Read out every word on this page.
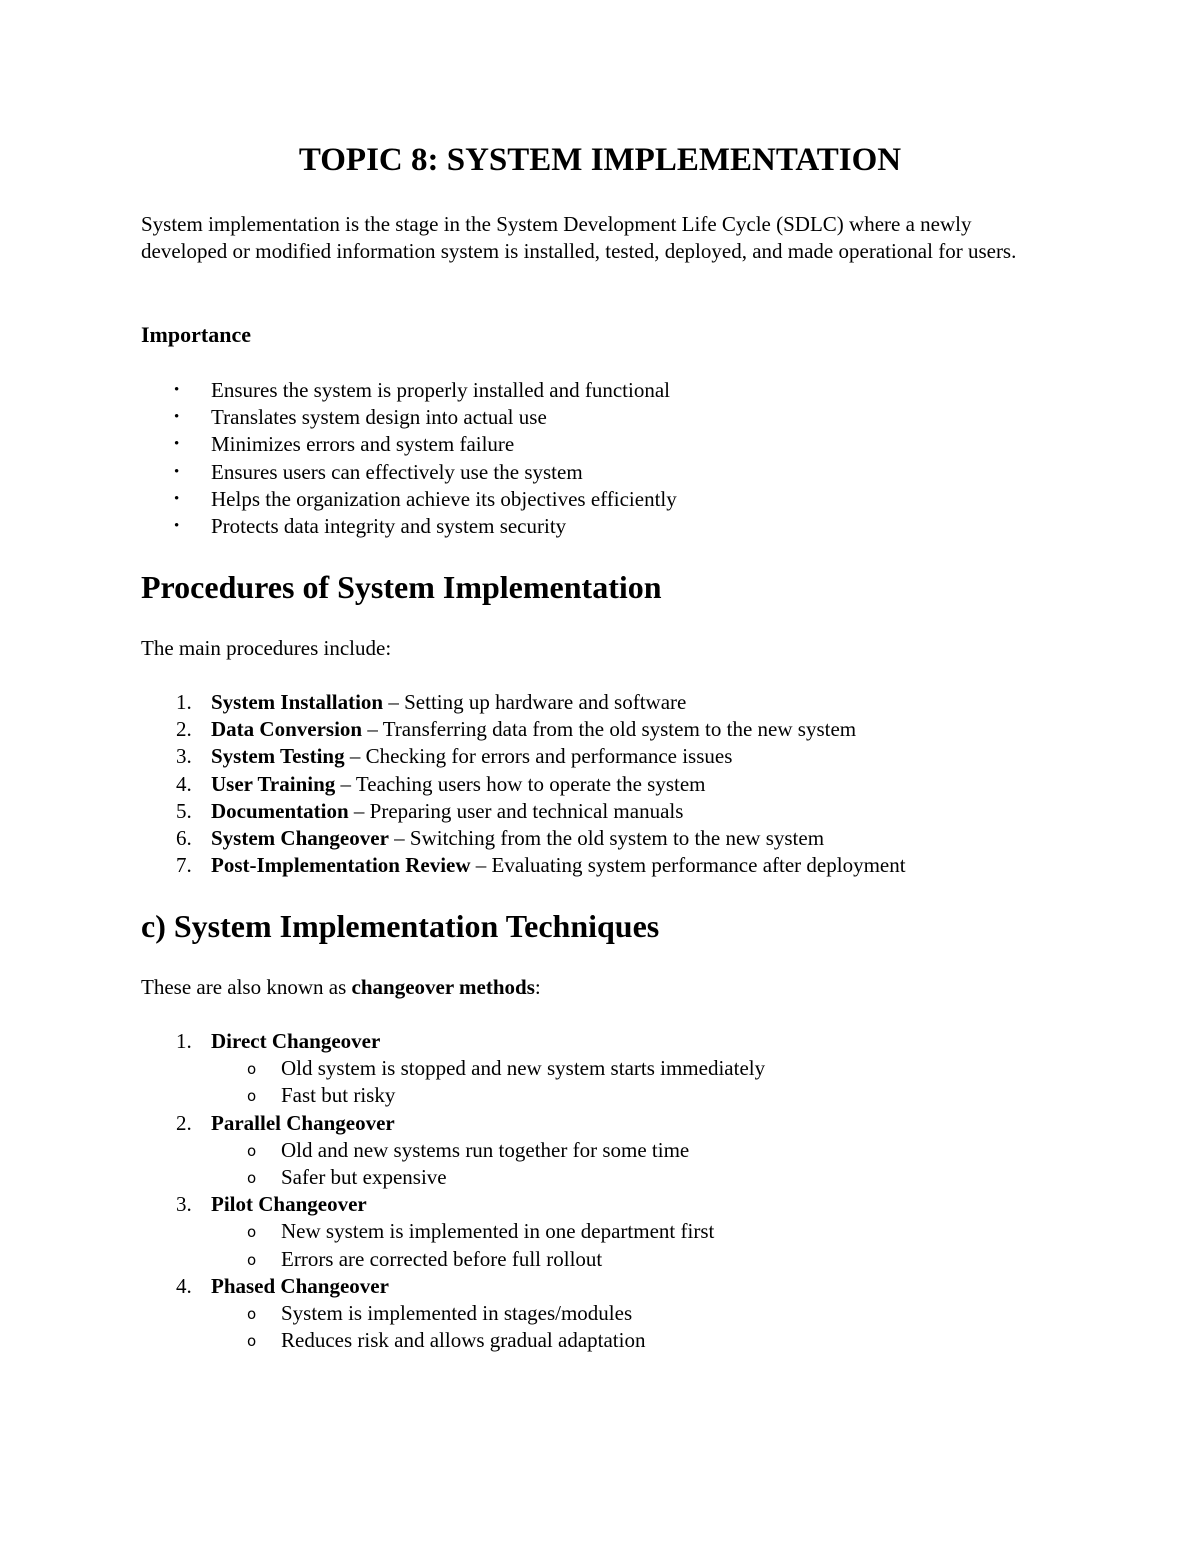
TOPIC 8: SYSTEM IMPLEMENTATION

System implementation is the stage in the System Development Life Cycle (SDLC) where a newly developed or modified information system is installed, tested, deployed, and made operational for users.

Importance
• Ensures the system is properly installed and functional
• Translates system design into actual use
• Minimizes errors and system failure
• Ensures users can effectively use the system
• Helps the organization achieve its objectives efficiently
• Protects data integrity and system security
Procedures of System Implementation

The main procedures include:

1. System Installation – Setting up hardware and software
2. Data Conversion – Transferring data from the old system to the new system
3. System Testing – Checking for errors and performance issues
4. User Training – Teaching users how to operate the system
5. Documentation – Preparing user and technical manuals
6. System Changeover – Switching from the old system to the new system
7. Post-Implementation Review – Evaluating system performance after deployment
c) System Implementation Techniques

These are also known as changeover methods:

1. Direct Changeover
o Old system is stopped and new system starts immediately
o Fast but risky
2. Parallel Changeover
o Old and new systems run together for some time
o Safer but expensive
3. Pilot Changeover
o New system is implemented in one department first
o Errors are corrected before full rollout
4. Phased Changeover
o System is implemented in stages/modules
o Reduces risk and allows gradual adaptation
